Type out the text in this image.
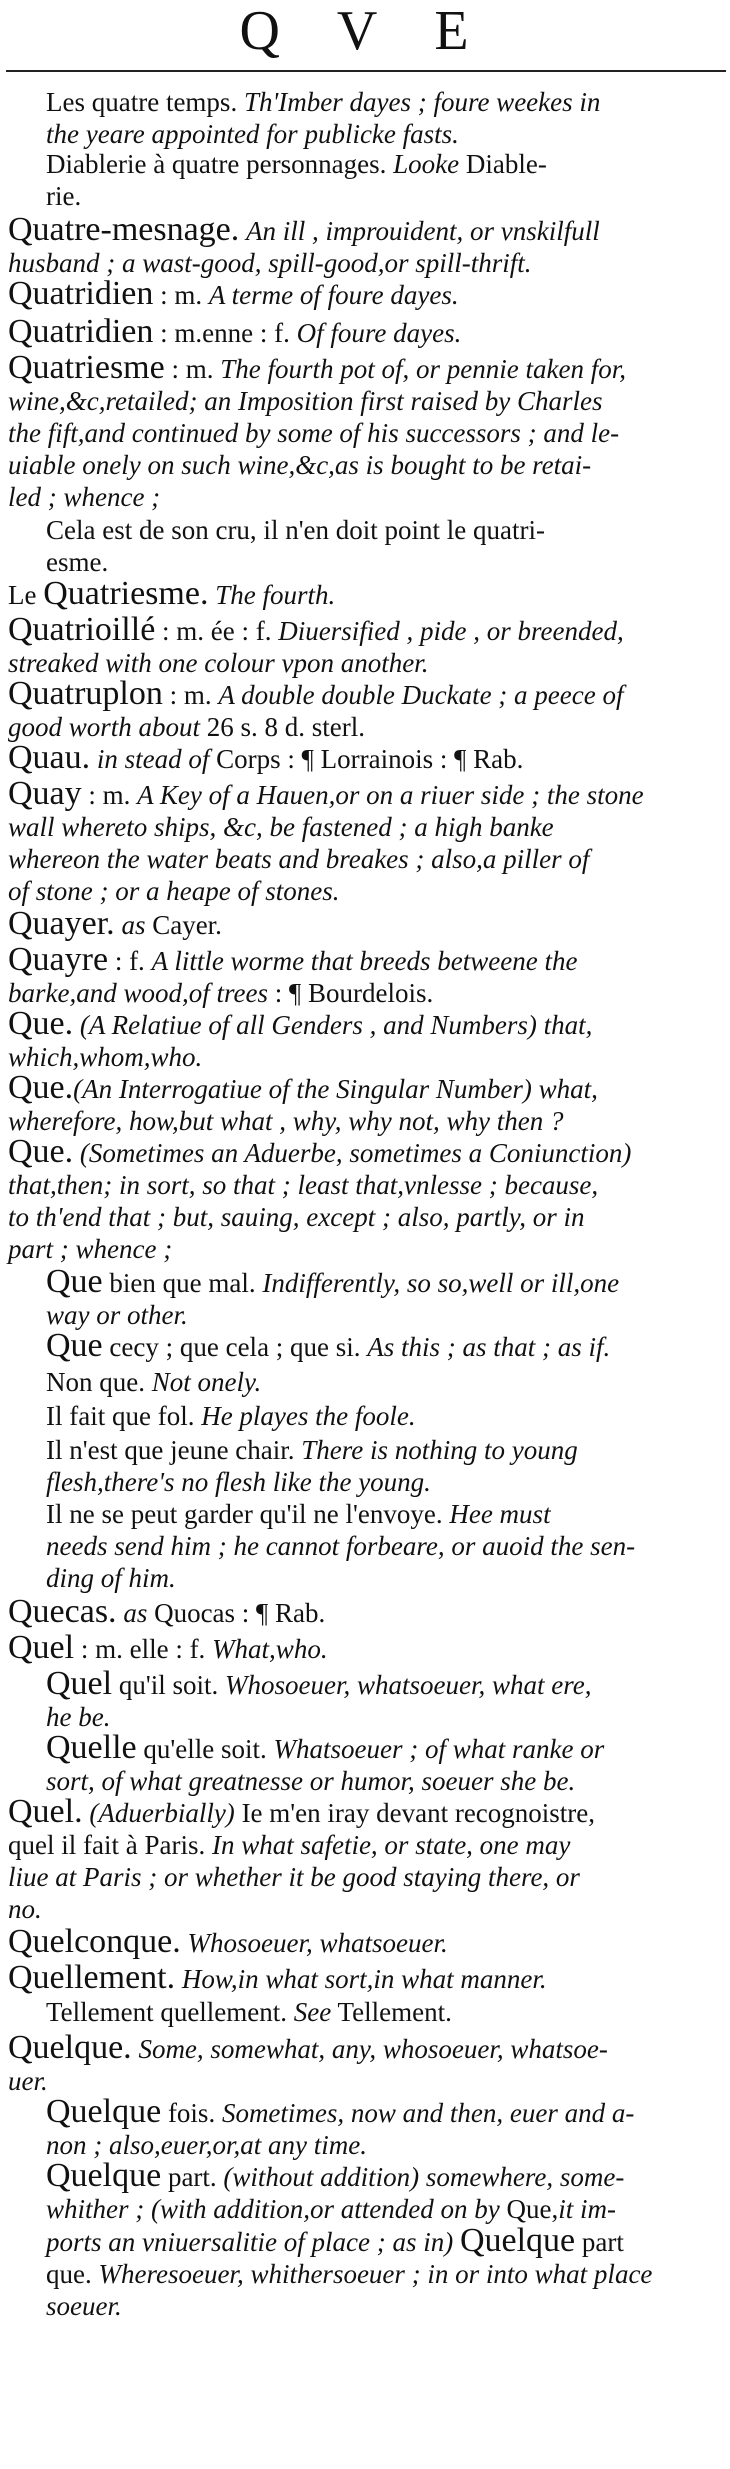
Q V E
Les quatre temps. Th'Imber dayes ; foure weekes in
the yeare appointed for publicke fasts.
Diablerie à quatre personnages. Looke Diable-
rie.
Quatre-mesnage. An ill , improuident, or vnskilfull
husband ; a wast-good, spill-good,or spill-thrift.
Quatridien : m. A terme of foure dayes.
Quatridien : m.enne : f. Of foure dayes.
Quatriesme : m. The fourth pot of, or pennie taken for,
wine,&c,retailed; an Imposition first raised by Charles
the fift,and continued by some of his successors ; and le-
uiable onely on such wine,&c,as is bought to be retai-
led ; whence ;
Cela est de son cru, il n'en doit point le quatri-
esme.
Le Quatriesme. The fourth.
Quatrioillé : m. ée : f. Diuersified , pide , or breended,
streaked with one colour vpon another.
Quatruplon : m. A double double Duckate ; a peece of
good worth about 26 s. 8 d. sterl.
Quau. in stead of Corps : ¶ Lorrainois : ¶ Rab.
Quay : m. A Key of a Hauen,or on a riuer side ; the stone
wall whereto ships, &c, be fastened ; a high banke
whereon the water beats and breakes ; also,a piller of
of stone ; or a heape of stones.
Quayer. as Cayer.
Quayre : f. A little worme that breeds betweene the
barke,and wood,of trees : ¶ Bourdelois.
Que. (A Relatiue of all Genders , and Numbers) that,
which,whom,who.
Que.(An Interrogatiue of the Singular Number) what,
wherefore, how,but what , why, why not, why then ?
Que. (Sometimes an Aduerbe, sometimes a Coniunction)
that,then; in sort, so that ; least that,vnlesse ; because,
to th'end that ; but, sauing, except ; also, partly, or in
part ; whence ;
Que bien que mal. Indifferently, so so,well or ill,one
way or other.
Que cecy ; que cela ; que si. As this ; as that ; as if.
Non que. Not onely.
Il fait que fol. He playes the foole.
Il n'est que jeune chair. There is nothing to young
flesh,there's no flesh like the young.
Il ne se peut garder qu'il ne l'envoye. Hee must
needs send him ; he cannot forbeare, or auoid the sen-
ding of him.
Quecas. as Quocas : ¶ Rab.
Quel : m. elle : f. What,who.
Quel qu'il soit. Whosoeuer, whatsoeuer, what ere,
he be.
Quelle qu'elle soit. Whatsoeuer ; of what ranke or
sort, of what greatnesse or humor, soeuer she be.
Quel. (Aduerbially) Ie m'en iray devant recognoistre,
quel il fait à Paris. In what safetie, or state, one may
liue at Paris ; or whether it be good staying there, or
no.
Quelconque. Whosoeuer, whatsoeuer.
Quellement. How,in what sort,in what manner.
Tellement quellement. See Tellement.
Quelque. Some, somewhat, any, whosoeuer, whatsoe-
uer.
Quelque fois. Sometimes, now and then, euer and a-
non ; also,euer,or,at any time.
Quelque part. (without addition) somewhere, some-
whither ; (with addition,or attended on by Que,it im-
ports an vniuersalitie of place ; as in) Quelque part
que. Wheresoeuer, whithersoeuer ; in or into what place
soeuer.
